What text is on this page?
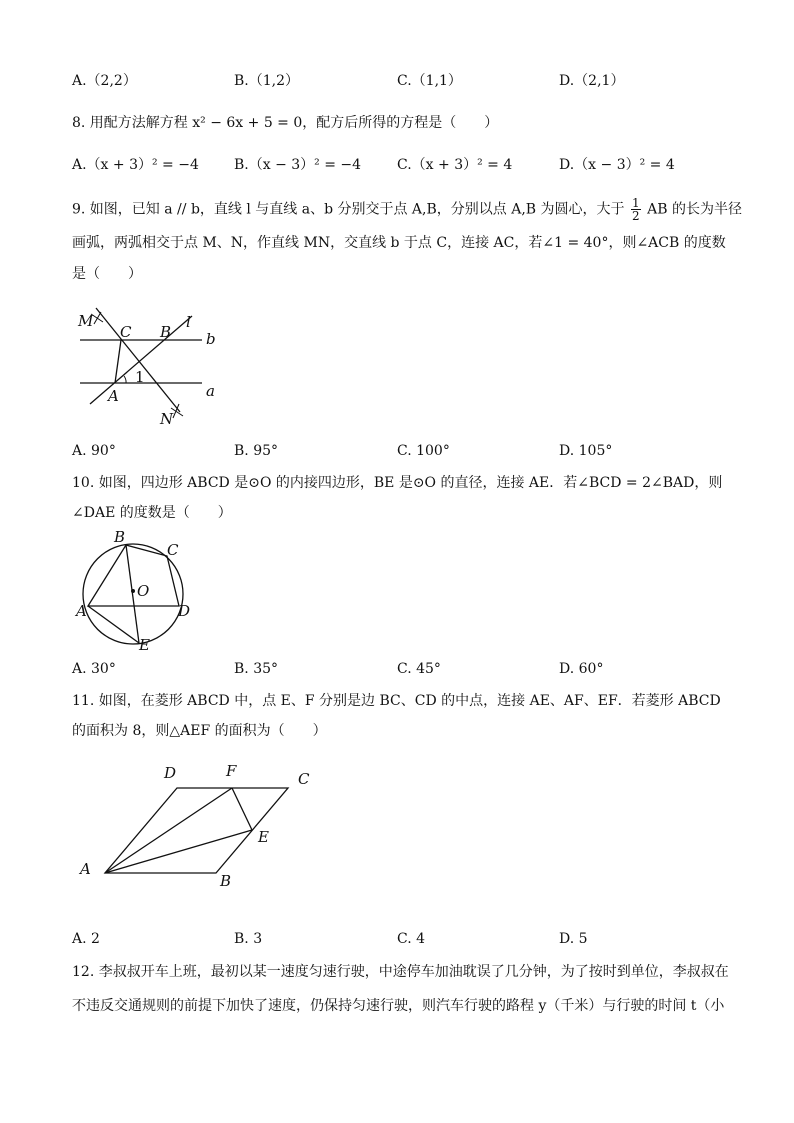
A.（2,2）	B.（1,2）	C.（1,1）	D.（2,1）
8. 用配方法解方程 x² − 6x + 5 = 0，配方后所得的方程是（　　）
A.（x + 3）² = −4	B.（x − 3）² = −4	C.（x + 3）² = 4	D.（x − 3）² = 4
9. 如图，已知 a // b，直线 l 与直线 a、b 分别交于点 A,B，分别以点 A,B 为圆心，大于 $\frac{1}{2}$ AB 的长为半径
画弧，两弧相交于点 M、N，作直线 MN，交直线 b 于点 C，连接 AC，若∠1 = 40°，则∠ACB 的度数
是（　　）
M
C B
l
b
1
A	a
N
A. 90°	B. 95°	C. 100°	D. 105°
10. 如图，四边形 ABCD 是⊙O 的内接四边形，BE 是⊙O 的直径，连接 AE．若∠BCD = 2∠BAD，则
∠DAE 的度数是（　　）
B
C
O
A	D
E
A. 30°	B. 35°	C. 45°	D. 60°
11. 如图，在菱形 ABCD 中，点 E、F 分别是边 BC、CD 的中点，连接 AE、AF、EF．若菱形 ABCD
的面积为 8，则△AEF 的面积为（　　）
D	F	C
E
A
B
A. 2	B. 3	C. 4	D. 5
12. 李叔叔开车上班，最初以某一速度匀速行驶，中途停车加油耽误了几分钟，为了按时到单位，李叔叔在
不违反交通规则的前提下加快了速度，仍保持匀速行驶，则汽车行驶的路程 y（千米）与行驶的时间 t（小
